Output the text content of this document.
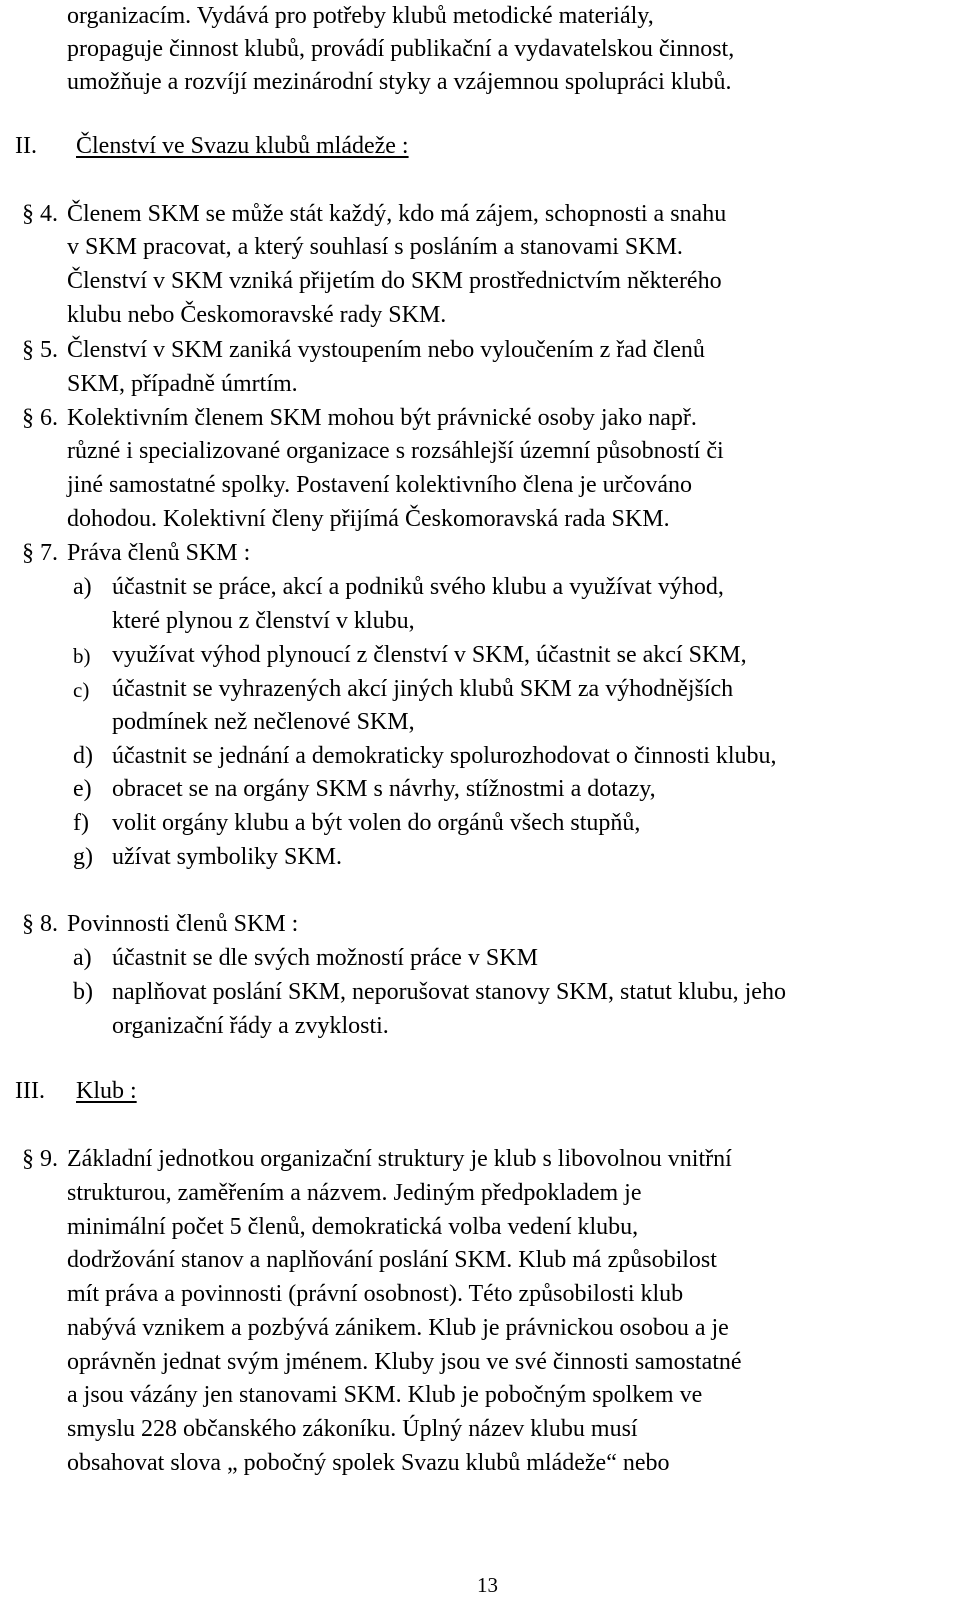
organizacím. Vydává pro potřeby klubů metodické materiály,
propaguje činnost klubů, provádí publikační a vydavatelskou činnost,
umožňuje a rozvíjí mezinárodní styky a vzájemnou spolupráci klubů.
II. Členství ve Svazu klubů mládeže :
§ 4. Členem SKM se může stát každý, kdo má zájem, schopnosti a snahu
v SKM pracovat, a který souhlasí s posláním a stanovami SKM.
Členství v SKM vzniká přijetím do SKM prostřednictvím některého
klubu nebo Českomoravské rady SKM.
§ 5. Členství v SKM zaniká vystoupením nebo vyloučením z řad členů
SKM, případně úmrtím.
§ 6. Kolektivním členem SKM mohou být právnické osoby jako např.
různé i specializované organizace s rozsáhlejší územní působností či
jiné samostatné spolky. Postavení kolektivního člena je určováno
dohodou. Kolektivní členy přijímá Českomoravská rada SKM.
§ 7. Práva členů SKM :
a) účastnit se práce, akcí a podniků svého klubu a využívat výhod,
které plynou z členství v klubu,
b) využívat výhod plynoucí z členství v SKM, účastnit se akcí SKM,
c) účastnit se vyhrazených akcí jiných klubů SKM za výhodnějších
podmínek než nečlenové SKM,
d) účastnit se jednání a demokraticky spolurozhodovat o činnosti klubu,
e) obracet se na orgány SKM s návrhy, stížnostmi a dotazy,
f) volit orgány klubu a být volen do orgánů všech stupňů,
g) užívat symboliky SKM.
§ 8. Povinnosti členů SKM :
a) účastnit se dle svých možností práce v SKM
b) naplňovat poslání SKM, neporušovat stanovy SKM, statut klubu, jeho
organizační řády a zvyklosti.
III. Klub :
§ 9. Základní jednotkou organizační struktury je klub s libovolnou vnitřní
strukturou, zaměřením a názvem. Jediným předpokladem je
minimální počet 5 členů, demokratická volba vedení klubu,
dodržování stanov a naplňování poslání SKM. Klub má způsobilost
mít práva a povinnosti (právní osobnost). Této způsobilosti klub
nabývá vznikem a pozbývá zánikem. Klub je právnickou osobou a je
oprávněn jednat svým jménem. Kluby jsou ve své činnosti samostatné
a jsou vázány jen stanovami SKM. Klub je pobočným spolkem ve
smyslu 228 občanského zákoníku. Úplný název klubu musí
obsahovat slova „ pobočný spolek Svazu klubů mládeže“ nebo
13
